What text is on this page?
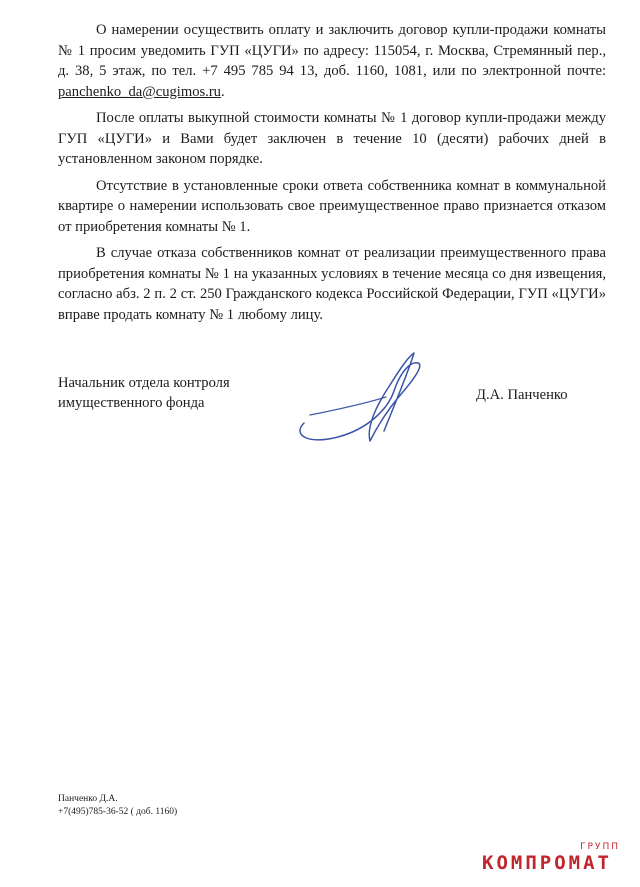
О намерении осуществить оплату и заключить договор купли-продажи комнаты № 1 просим уведомить ГУП «ЦУГИ» по адресу: 115054, г. Москва, Стремянный пер., д. 38, 5 этаж, по тел. +7 495 785 94 13, доб. 1160, 1081, или по электронной почте: panchenko_da@cugimos.ru.

После оплаты выкупной стоимости комнаты № 1 договор купли-продажи между ГУП «ЦУГИ» и Вами будет заключен в течение 10 (десяти) рабочих дней в установленном законом порядке.

Отсутствие в установленные сроки ответа собственника комнат в коммунальной квартире о намерении использовать свое преимущественное право признается отказом от приобретения комнаты № 1.

В случае отказа собственников комнат от реализации преимущественного права приобретения комнаты № 1 на указанных условиях в течение месяца со дня извещения, согласно абз. 2 п. 2 ст. 250 Гражданского кодекса Российской Федерации, ГУП «ЦУГИ» вправе продать комнату № 1 любому лицу.

Начальник отдела контроля
имущественного фонда	Д.А. Панченко
Панченко Д.А.
+7(495)785-36-52 ( доб. 1160)
ГРУПП
КОМПРОМАТ
